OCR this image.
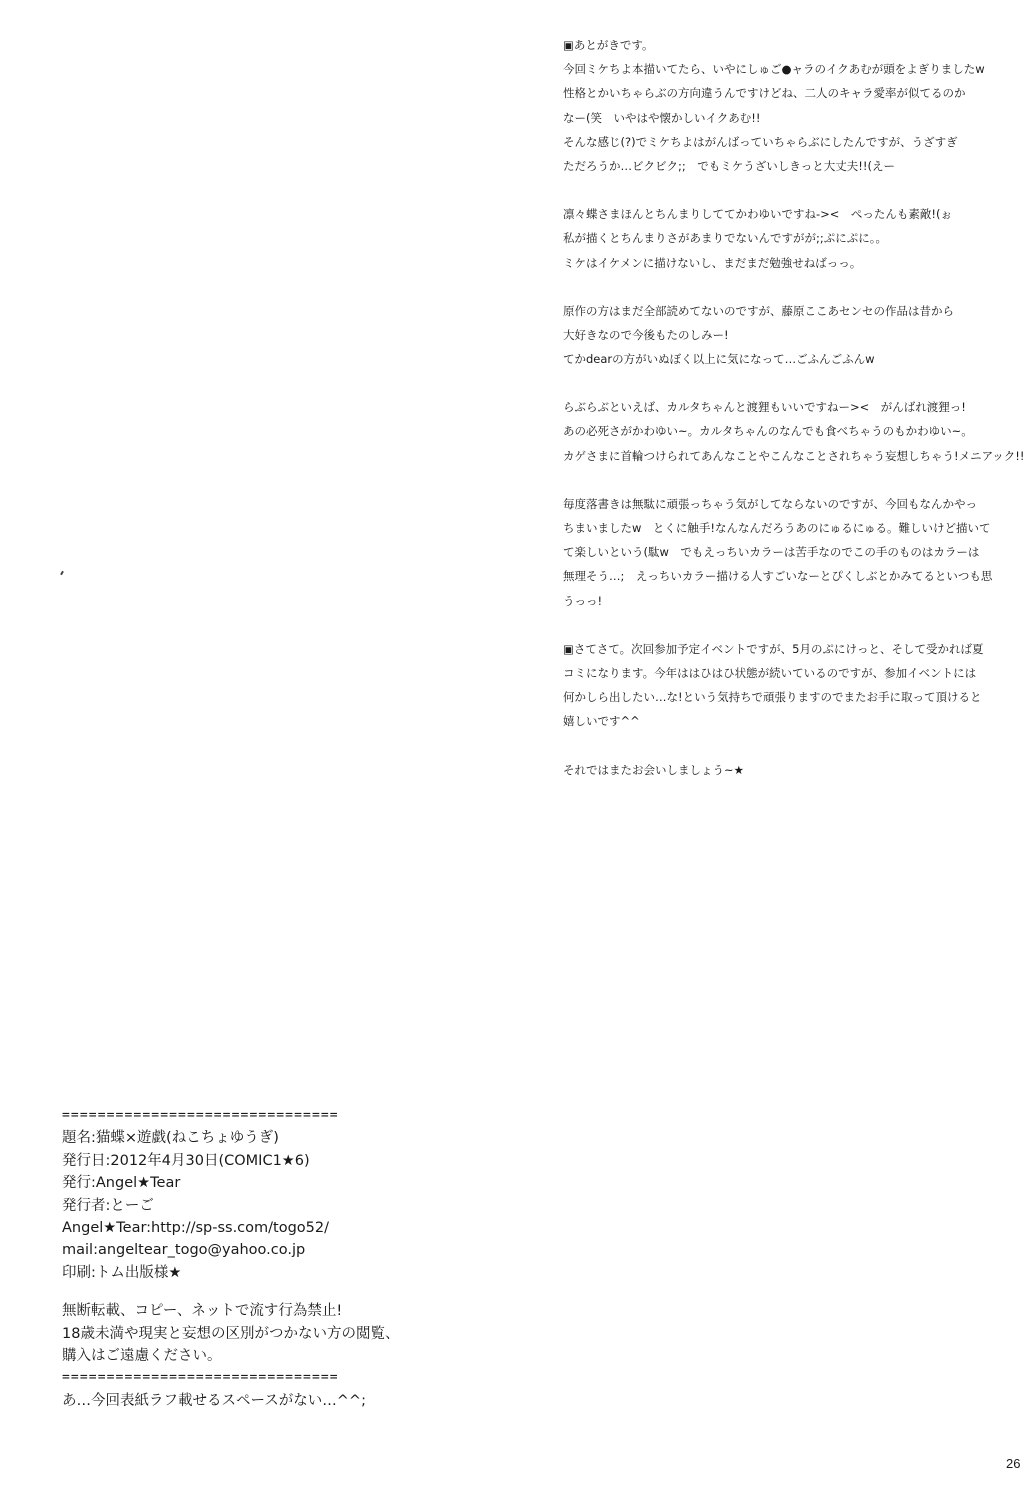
▣あとがきです。
今回ミケちよ本描いてたら、いやにしゅご●ャラのイクあむが頭をよぎりましたw
性格とかいちゃらぶの方向違うんですけどね、二人のキャラ愛率が似てるのか
なー(笑　いやはや懐かしいイクあむ!!
そんな感じ(?)でミケちよはがんばっていちゃらぶにしたんですが、うざすぎ
ただろうか…ビクビク;;　でもミケうざいしきっと大丈夫!!(えー
凛々蝶さまほんとちんまりしててかわゆいですね-><　ぺったんも素敵!(ぉ
私が描くとちんまりさがあまりでないんですがが;;ぷにぷに。。
ミケはイケメンに描けないし、まだまだ勉強せねばっっ。
原作の方はまだ全部読めてないのですが、藤原ここあセンセの作品は昔から
大好きなので今後もたのしみー!
てかdearの方がいぬぼく以上に気になって…ごふんごふんw
らぶらぶといえば、カルタちゃんと渡狸もいいですねー><　がんばれ渡狸っ!
あの必死さがかわゆい~。カルタちゃんのなんでも食べちゃうのもかわゆい~。
カゲさまに首輪つけられてあんなことやこんなことされちゃう妄想しちゃう!メニアック!!
毎度落書きは無駄に頑張っちゃう気がしてならないのですが、今回もなんかやっ
ちまいましたw　とくに触手!なんなんだろうあのにゅるにゅる。難しいけど描いて
て楽しいという(駄w　でもえっちいカラーは苦手なのでこの手のものはカラーは
無理そう…;　えっちいカラー描ける人すごいなーとぴくしぶとかみてるといつも思
うっっ!
▣さてさて。次回参加予定イベントですが、5月のぷにけっと、そして受かれば夏
コミになります。今年ははひはひ状態が続いているのですが、参加イベントには
何かしら出したい…な!という気持ちで頑張りますのでまたお手に取って頂けると
嬉しいです^^
それではまたお会いしましょう~★
===============================
題名:猫蝶×遊戯(ねこちょゆうぎ)
発行日:2012年4月30日(COMIC1★6)
発行:Angel★Tear
発行者:とーご
Angel★Tear:http://sp-ss.com/togo52/
mail:angeltear_togo@yahoo.co.jp
印刷:トム出版様★
無断転載、コピー、ネットで流す行為禁止!
18歳未満や現実と妄想の区別がつかない方の閲覧、
購入はご遠慮ください。
===============================
あ…今回表紙ラフ載せるスペースがない…^^;
26
